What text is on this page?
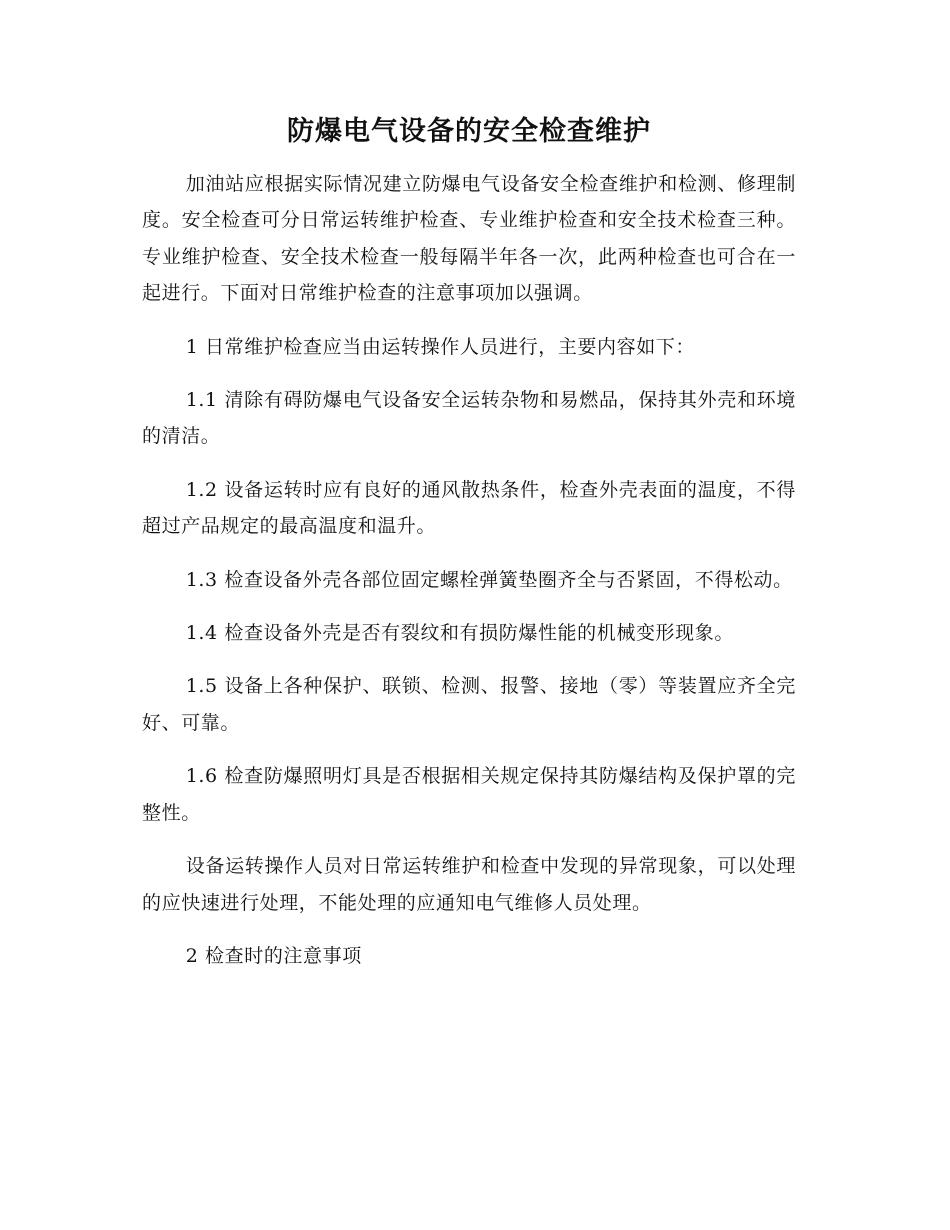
防爆电气设备的安全检查维护

加油站应根据实际情况建立防爆电气设备安全检查维护和检测、修理制度。安全检查可分日常运转维护检查、专业维护检查和安全技术检查三种。专业维护检查、安全技术检查一般每隔半年各一次，此两种检查也可合在一起进行。下面对日常维护检查的注意事项加以强调。

1 日常维护检查应当由运转操作人员进行，主要内容如下：

1.1 清除有碍防爆电气设备安全运转杂物和易燃品，保持其外壳和环境的清洁。

1.2 设备运转时应有良好的通风散热条件，检查外壳表面的温度，不得超过产品规定的最高温度和温升。

1.3 检查设备外壳各部位固定螺栓弹簧垫圈齐全与否紧固，不得松动。

1.4 检查设备外壳是否有裂纹和有损防爆性能的机械变形现象。

1.5 设备上各种保护、联锁、检测、报警、接地（零）等装置应齐全完好、可靠。

1.6 检查防爆照明灯具是否根据相关规定保持其防爆结构及保护罩的完整性。

设备运转操作人员对日常运转维护和检查中发现的异常现象，可以处理的应快速进行处理，不能处理的应通知电气维修人员处理。

2 检查时的注意事项
